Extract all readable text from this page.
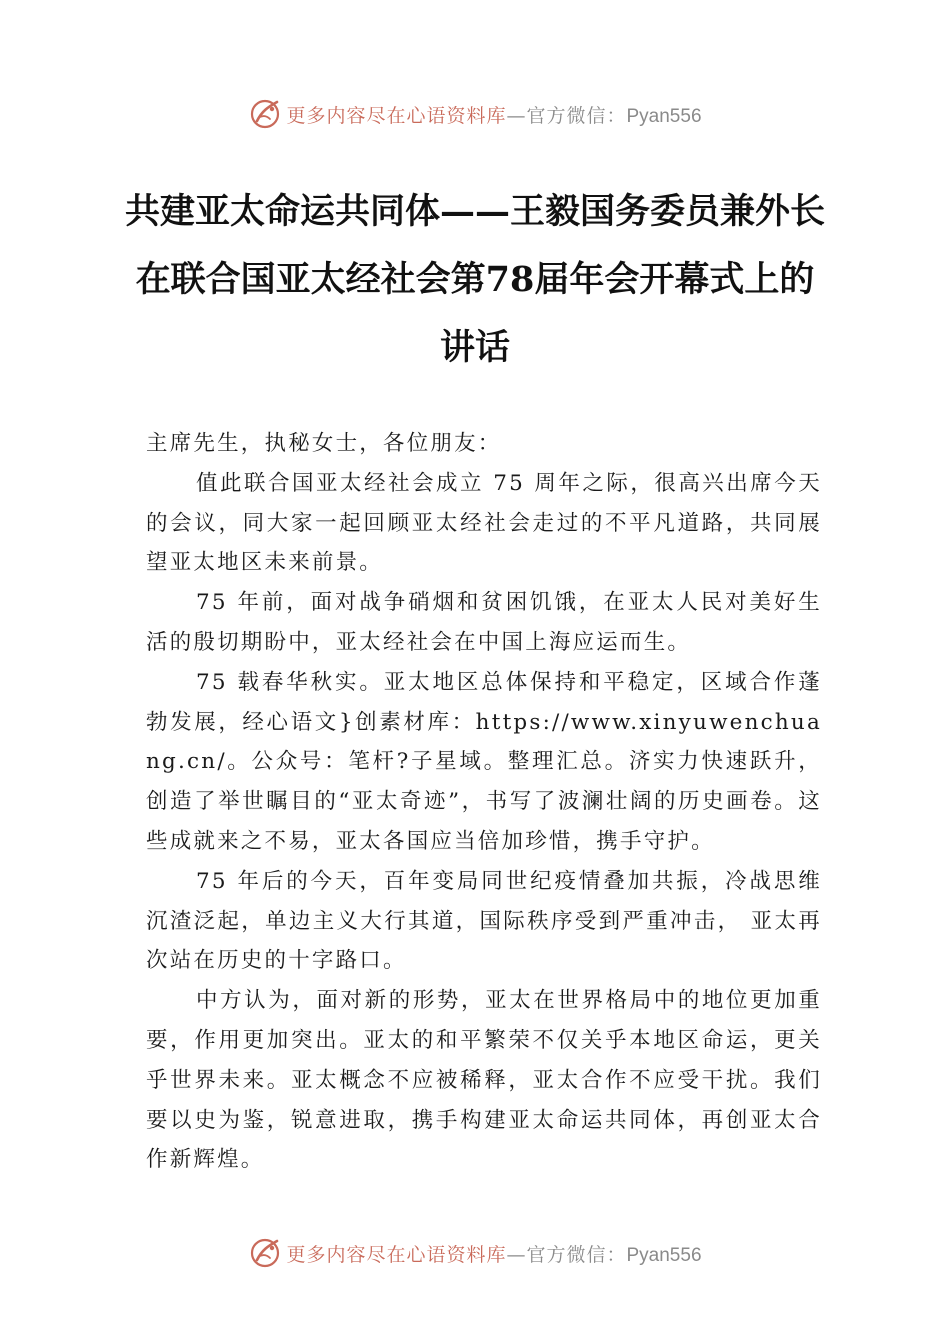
更多内容尽在心语资料库—官方微信：Pyan556
共建亚太命运共同体——王毅国务委员兼外长在联合国亚太经社会第78届年会开幕式上的讲话

主席先生，执秘女士，各位朋友：

值此联合国亚太经社会成立 75 周年之际，很高兴出席今天的会议，同大家一起回顾亚太经社会走过的不平凡道路，共同展望亚太地区未来前景。

75 年前，面对战争硝烟和贫困饥饿，在亚太人民对美好生活的殷切期盼中，亚太经社会在中国上海应运而生。

75 载春华秋实。亚太地区总体保持和平稳定，区域合作蓬勃发展，经心语文}创素材库：https://www.xinyuwenchuang.cn/。公众号：笔杆?子星域。整理汇总。济实力快速跃升，创造了举世瞩目的“亚太奇迹”，书写了波澜壮阔的历史画卷。这些成就来之不易，亚太各国应当倍加珍惜，携手守护。

75 年后的今天，百年变局同世纪疫情叠加共振，冷战思维沉渣泛起，单边主义大行其道，国际秩序受到严重冲击， 亚太再次站在历史的十字路口。

中方认为，面对新的形势，亚太在世界格局中的地位更加重要，作用更加突出。亚太的和平繁荣不仅关乎本地区命运，更关乎世界未来。亚太概念不应被稀释，亚太合作不应受干扰。我们要以史为鉴，锐意进取，携手构建亚太命运共同体，再创亚太合作新辉煌。

更多内容尽在心语资料库—官方微信：Pyan556
